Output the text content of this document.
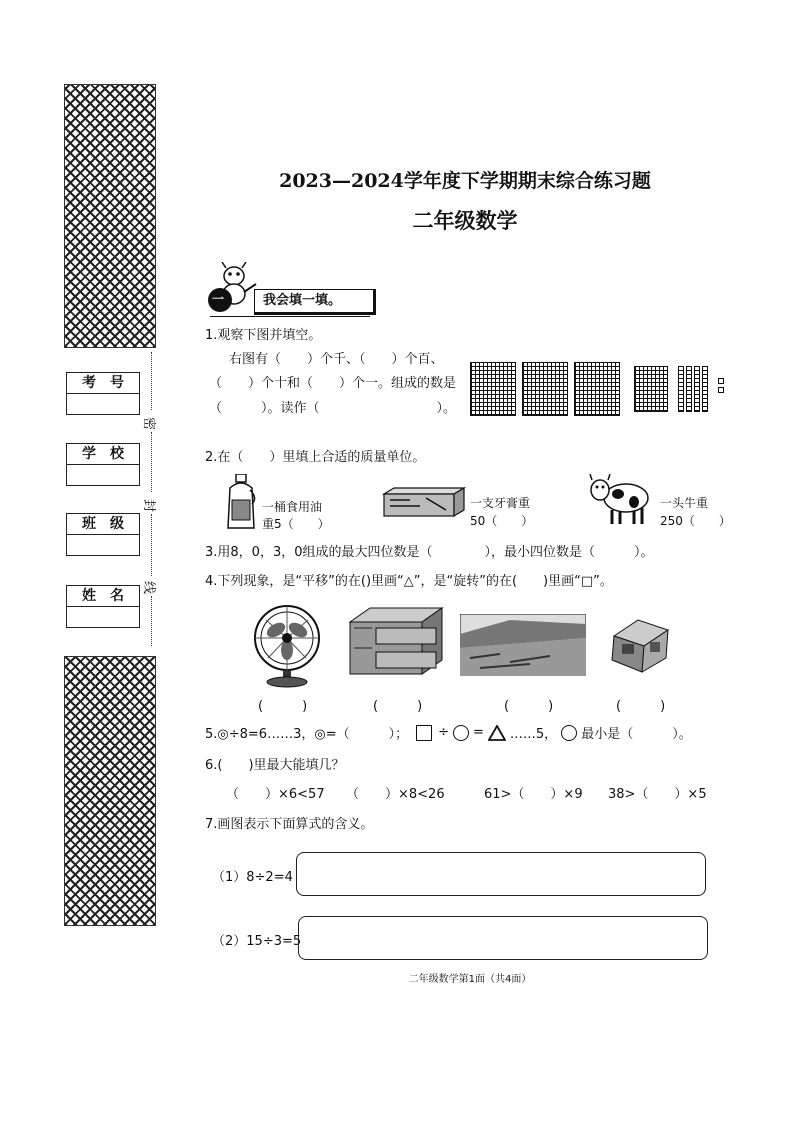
考号
学校
班级
姓名
密
封
线
2023—2024学年度下学期期末综合练习题
二年级数学
一	我会填一填。
1.观察下图并填空。
右图有（　　）个千、（　　）个百、
（　　）个十和（　　）个一。组成的数是
（　　　）。读作（　　　　　　　　　）。
2.在（　　）里填上合适的质量单位。
一桶食用油
重5（　　）
一支牙膏重
50（　　）
一头牛重
250（　　）
3.用8，0，3，0组成的最大四位数是（　　　　），最小四位数是（　　　）。
4.下列现象，是“平移”的在()里画“△”，是“旋转”的在(　　)里画“□”。
(　　　)	(　　　)	(　　　)	(　　　)
5.◎÷8=6……3，◎=（　　　）； ÷ = ……5， 最小是（　　　）。
6.(　　)里最大能填几？
（　　）×6<57 （　　）×8<26	61>（　　）×9 38>（　　）×5
7.画图表示下面算式的含义。
（1）8÷2=4
（2）15÷3=5
二年级数学第1面（共4面）
